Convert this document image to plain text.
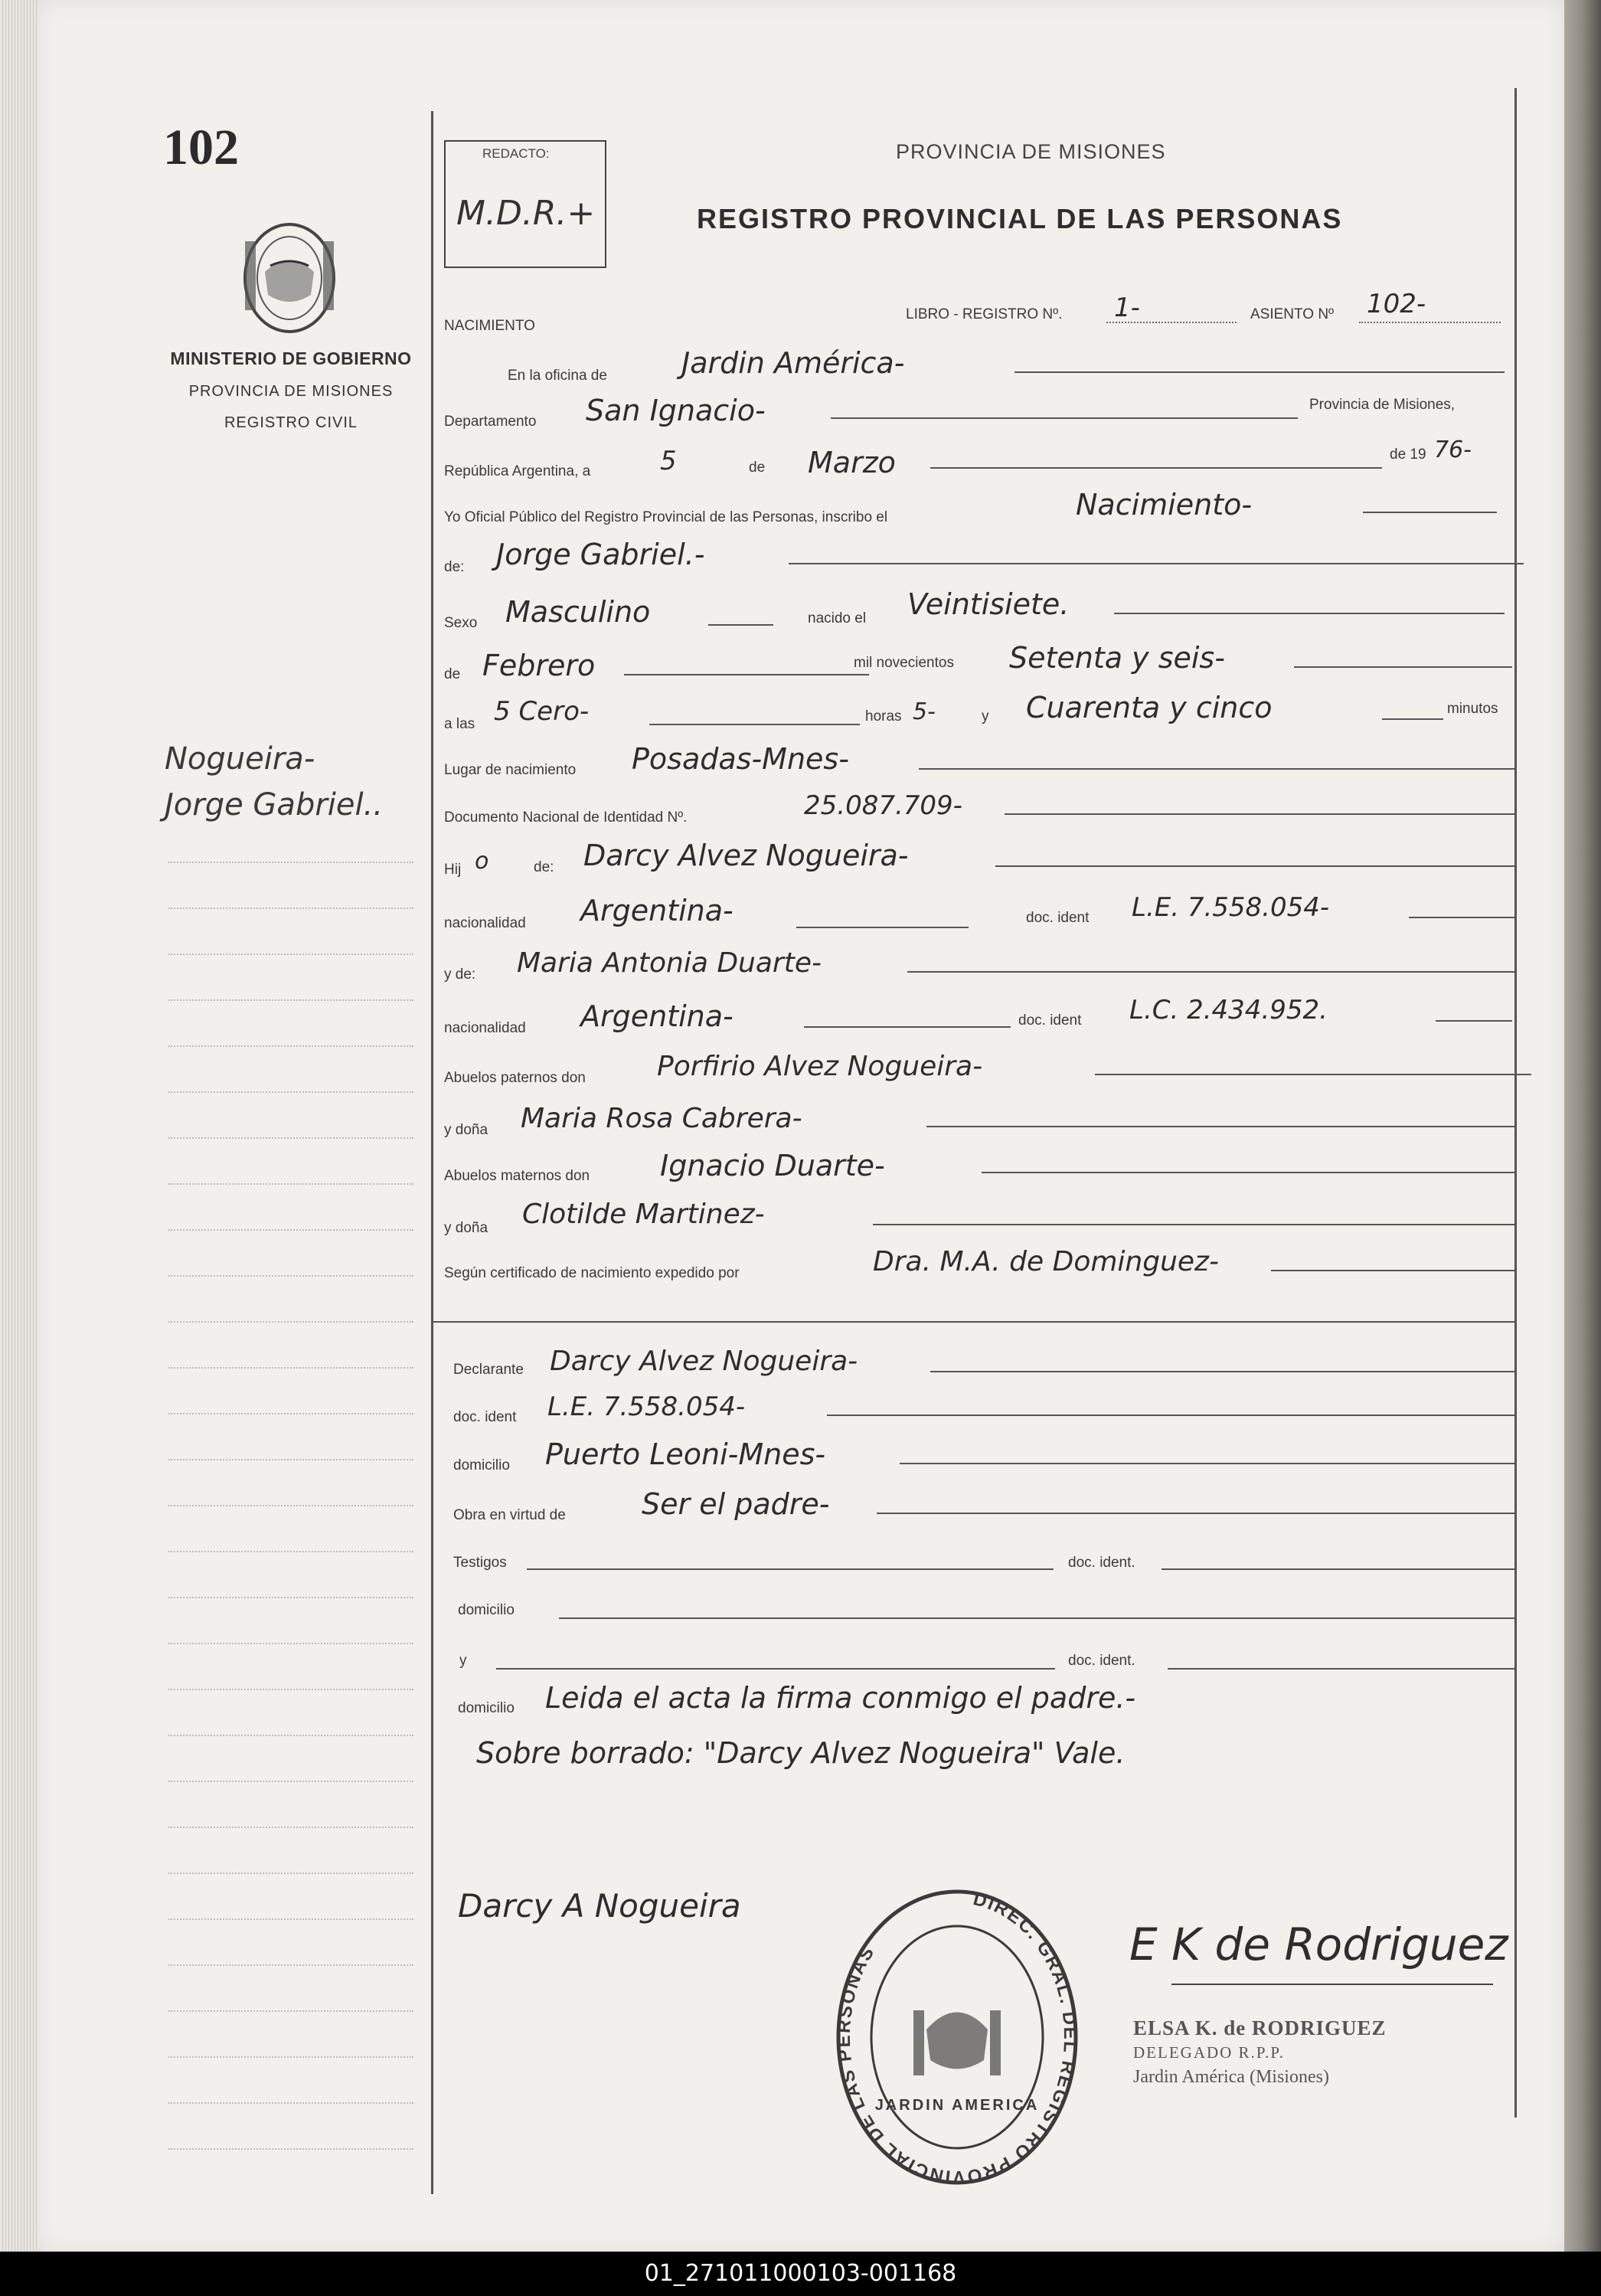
102
MINISTERIO DE GOBIERNO
PROVINCIA DE MISIONES
REGISTRO CIVIL
Nogueira-
Jorge Gabriel..
REDACTO:
M.D.R.+
PROVINCIA DE MISIONES
REGISTRO PROVINCIAL DE LAS PERSONAS
NACIMIENTO
LIBRO - REGISTRO Nº. 1-	ASIENTO Nº 102-
En la oficina de	Jardin América-
Departamento San Ignacio-	Provincia de Misiones,
República Argentina, a	5	de Marzo	de 19 76-
Yo Oficial Público del Registro Provincial de las Personas, inscribo el	Nacimiento-
de: Jorge Gabriel.-
Sexo Masculino	nacido el Veintisiete.
de Febrero	mil novecientos Setenta y seis-
a las 5 Cero-	horas 5-	y Cuarenta y cinco	minutos
Lugar de nacimiento Posadas-Mnes-
Documento Nacional de Identidad Nº.	25.087.709-
Hij o	de: Darcy Alvez Nogueira-
nacionalidad Argentina-	doc. ident L.E. 7.558.054-
y de: Maria Antonia Duarte-
nacionalidad Argentina-	doc. ident L.C. 2.434.952.
Abuelos paternos don	Porfirio Alvez Nogueira-
y doña Maria Rosa Cabrera-
Abuelos maternos don Ignacio Duarte-
y doña Clotilde Martinez-
Según certificado de nacimiento expedido por	Dra. M.A. de Dominguez-
Declarante Darcy Alvez Nogueira-
doc. ident L.E. 7.558.054-
domicilio Puerto Leoni-Mnes-
Obra en virtud de	Ser el padre-
Testigos	doc. ident.
domicilio
y	doc. ident.
domicilio Leida el acta la firma conmigo el padre.-
Sobre borrado: "Darcy Alvez Nogueira" Vale.
Darcy A Nogueira	DIREC. GRAL. DEL REGISTRO PROVINCIAL DE LAS PERSONAS
JARDIN AMERICA
E K de Rodriguez
ELSA K. de RODRIGUEZ
DELEGADO R.P.P.
Jardin América (Misiones)
01_271011000103-001168
